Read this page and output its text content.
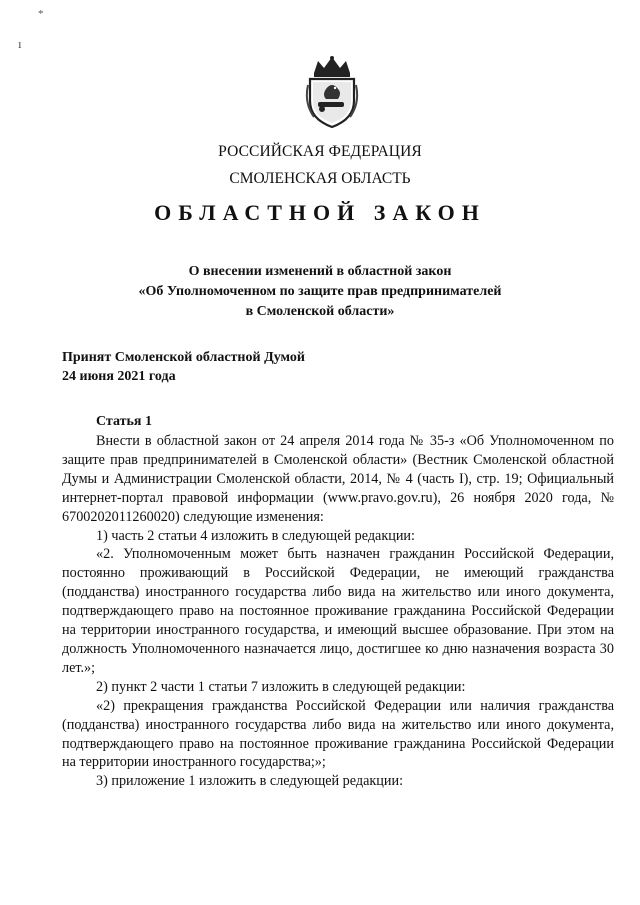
*
ı
РОССИЙСКАЯ ФЕДЕРАЦИЯ
СМОЛЕНСКАЯ ОБЛАСТЬ
ОБЛАСТНОЙ ЗАКОН
О внесении изменений в областной закон
«Об Уполномоченном по защите прав предпринимателей
в Смоленской области»
Принят Смоленской областной Думой
24 июня 2021 года
Статья 1

Внести в областной закон от 24 апреля 2014 года № 35-з «Об Уполномоченном по защите прав предпринимателей в Смоленской области» (Вестник Смоленской областной Думы и Администрации Смоленской области, 2014, № 4 (часть I), стр. 19; Официальный интернет-портал правовой информации (www.pravo.gov.ru), 26 ноября 2020 года, № 6700202011260020) следующие изменения:

1) часть 2 статьи 4 изложить в следующей редакции:

«2. Уполномоченным может быть назначен гражданин Российской Федерации, постоянно проживающий в Российской Федерации, не имеющий гражданства (подданства) иностранного государства либо вида на жительство или иного документа, подтверждающего право на постоянное проживание гражданина Российской Федерации на территории иностранного государства, и имеющий высшее образование. При этом на должность Уполномоченного назначается лицо, достигшее ко дню назначения возраста 30 лет.»;

2) пункт 2 части 1 статьи 7 изложить в следующей редакции:

«2) прекращения гражданства Российской Федерации или наличия гражданства (подданства) иностранного государства либо вида на жительство или иного документа, подтверждающего право на постоянное проживание гражданина Российской Федерации на территории иностранного государства;»;

3) приложение 1 изложить в следующей редакции:
